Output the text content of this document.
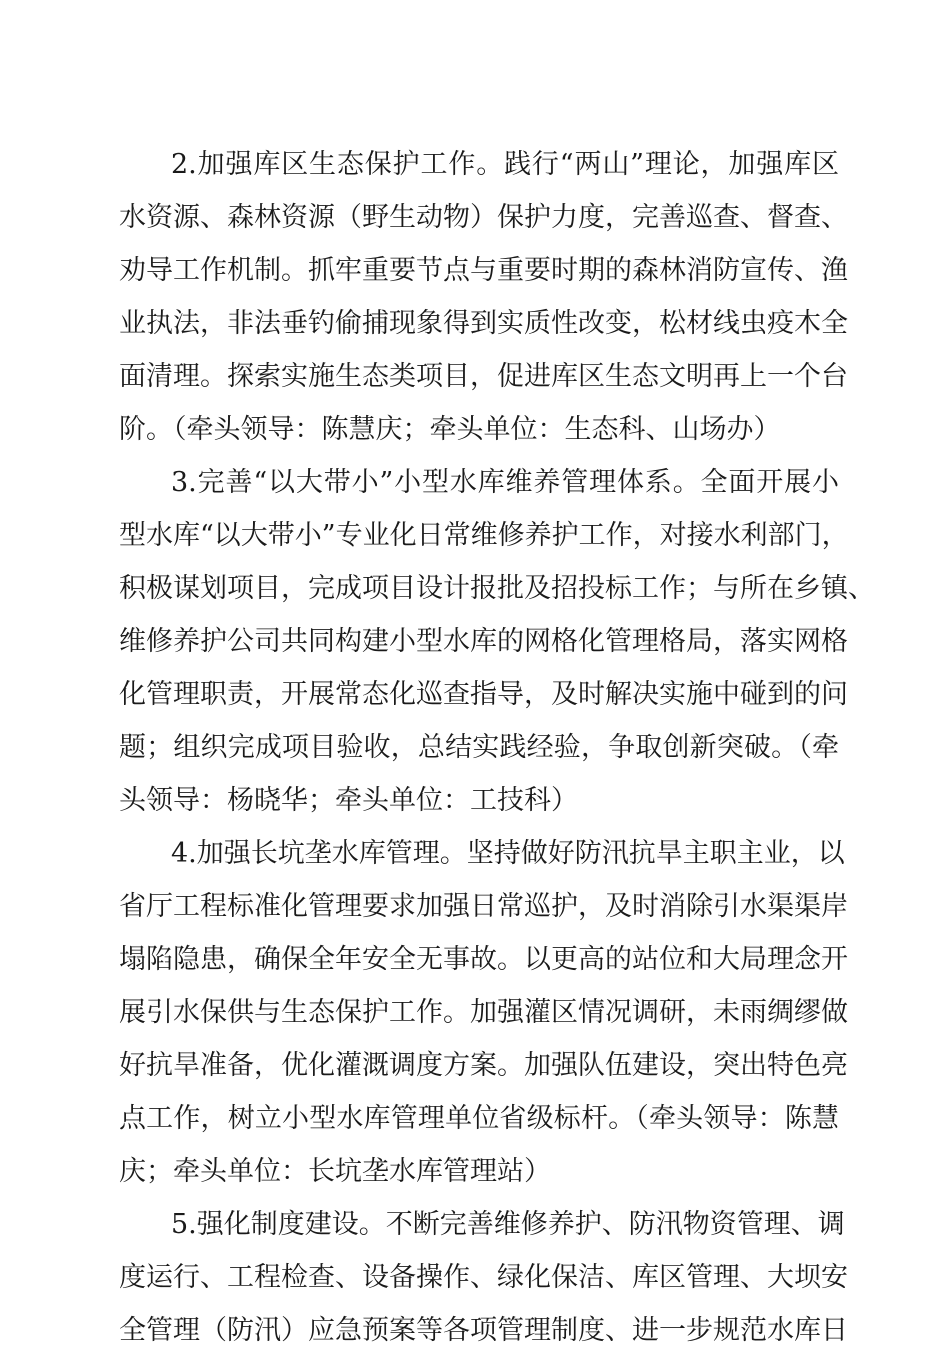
2.加强库区生态保护工作。践行“两山”理论，加强库区
水资源、森林资源（野生动物）保护力度，完善巡查、督查、
劝导工作机制。抓牢重要节点与重要时期的森林消防宣传、渔
业执法，非法垂钓偷捕现象得到实质性改变，松材线虫疫木全
面清理。探索实施生态类项目，促进库区生态文明再上一个台
阶。（牵头领导：陈慧庆；牵头单位：生态科、山场办）
3.完善“以大带小”小型水库维养管理体系。全面开展小
型水库“以大带小”专业化日常维修养护工作，对接水利部门，
积极谋划项目，完成项目设计报批及招投标工作；与所在乡镇、
维修养护公司共同构建小型水库的网格化管理格局，落实网格
化管理职责，开展常态化巡查指导，及时解决实施中碰到的问
题；组织完成项目验收，总结实践经验，争取创新突破。（牵
头领导：杨晓华；牵头单位：工技科）
4.加强长坑垄水库管理。坚持做好防汛抗旱主职主业，以
省厅工程标准化管理要求加强日常巡护，及时消除引水渠渠岸
塌陷隐患，确保全年安全无事故。以更高的站位和大局理念开
展引水保供与生态保护工作。加强灌区情况调研，未雨绸缪做
好抗旱准备，优化灌溉调度方案。加强队伍建设，突出特色亮
点工作，树立小型水库管理单位省级标杆。（牵头领导：陈慧
庆；牵头单位：长坑垄水库管理站）
5.强化制度建设。不断完善维修养护、防汛物资管理、调
度运行、工程检查、设备操作、绿化保洁、库区管理、大坝安
全管理（防汛）应急预案等各项管理制度、进一步规范水库日
